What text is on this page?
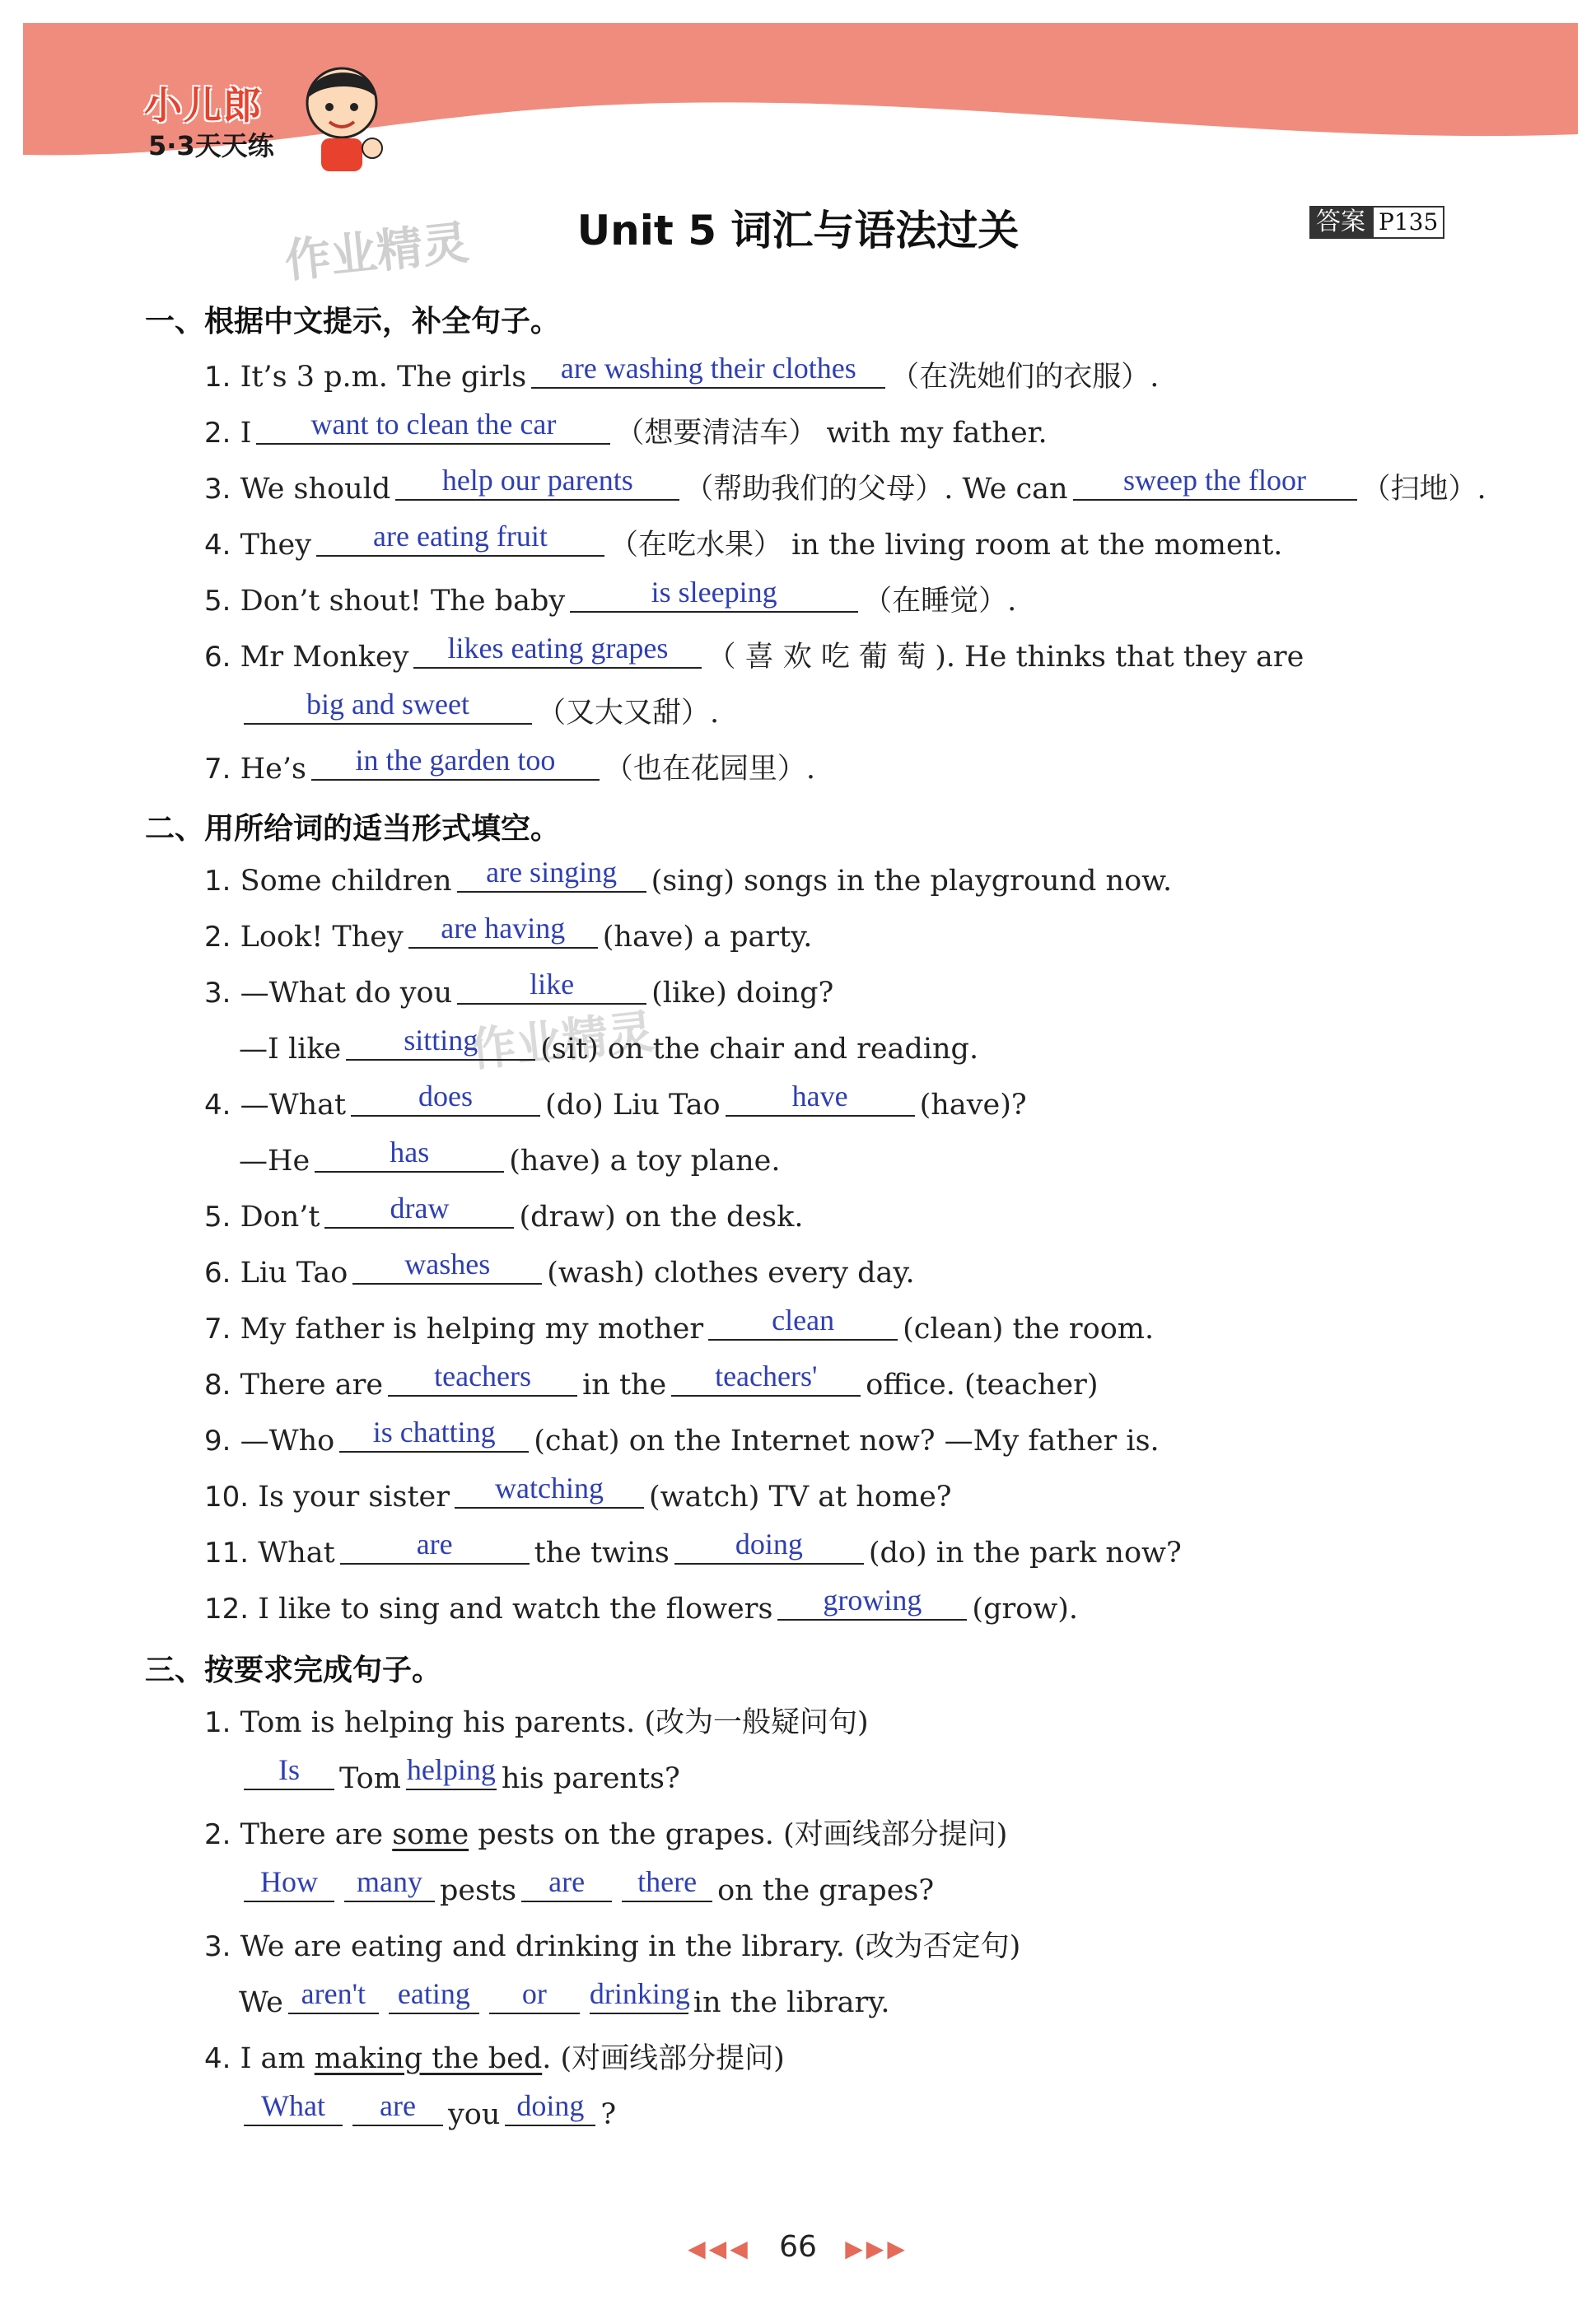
小儿郎
5·3天天练
作业精灵
作业精灵
Unit 5 词汇与语法过关	答案 P135
一、根据中文提示，补全句子。
1. It’s 3 p.m. The girls are washing their clothes （在洗她们的衣服）.
2. I want to clean the car （想要清洁车） with my father.
3. We should help our parents （帮助我们的父母）. We can sweep the floor （扫地）.
4. They are eating fruit （在吃水果） in the living room at the moment.
5. Don’t shout! The baby	is sleeping	（在睡觉）.
6. Mr Monkey likes eating grapes （ 喜 欢 吃 葡 萄 ). He thinks that they are
big and sweet （又大又甜）.
7. He’s in the garden too （也在花园里）.
二、用所给词的适当形式填空。
1. Some children are singing (sing) songs in the playground now.
2. Look! They are having (have) a party.
3. —What do you	like	(like) doing?
—I like sitting (sit) on the chair and reading.
4. —What does	(do) Liu Tao have (have)?
—He	has	(have) a toy plane.
5. Don’t draw (draw) on the desk.
6. Liu Tao washes (wash) clothes every day.
7. My father is helping my mother clean (clean) the room.
8. There are teachers in the teachers' office. (teacher)
9. —Who is chatting (chat) on the Internet now? —My father is.
10. Is your sister watching (watch) TV at home?
11. What	are	the twins doing (do) in the park now?
12. I like to sing and watch the flowers growing (grow).
三、按要求完成句子。
1. Tom is helping his parents. (改为一般疑问句)
Is Tom helping his parents?
2. There are some pests on the grapes. (对画线部分提问)
How many pests are there on the grapes?
3. We are eating and drinking in the library. (改为否定句)
We aren't eating or drinking in the library.
4. I am making the bed. (对画线部分提问)
What are you doing ?
◀◀◀ 66 ▶▶▶
